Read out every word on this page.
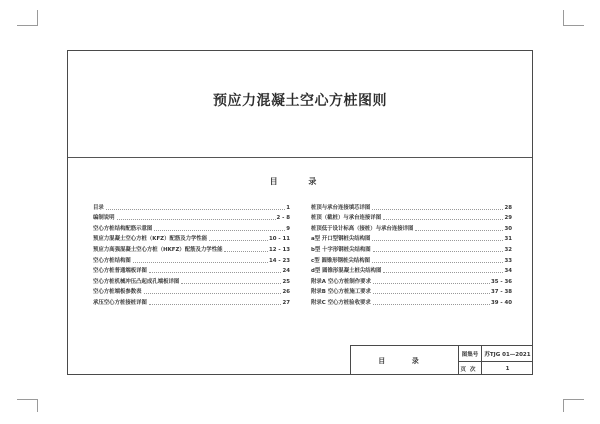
预应力混凝土空心方桩图则
目 录
目录	1
编制说明	2 - 8
空心方桩结构配筋示意图	9
预应力混凝土空心方桩（KFZ）配筋及力学性能	10 - 11
预应力高强混凝土空心方桩（HKFZ）配筋及力学性能	12 - 13
空心方桩结构图	14 - 23
空心方桩普通端板详图	24
空心方桩机械冲压凸起成孔端板详图	25
空心方桩端板参数表	26
承压空心方桩接桩详图	27
桩顶与承台连接填芯详图	28
桩顶（截桩）与承台连接详图	29
桩顶低于设计标高（接桩）与承台连接详图	30
a型 开口型钢桩尖结构图	31
b型 十字形钢桩尖结构图	32
c型 圆锥形钢桩尖结构图	33
d型 圆锥形混凝土桩尖结构图	34
附录A 空心方桩制作要求	35 - 36
附录B 空心方桩施工要求	37 - 38
附录C 空心方桩验收要求	39 - 40
目 录
图集号	苏TJG 01—2021
页次	1
